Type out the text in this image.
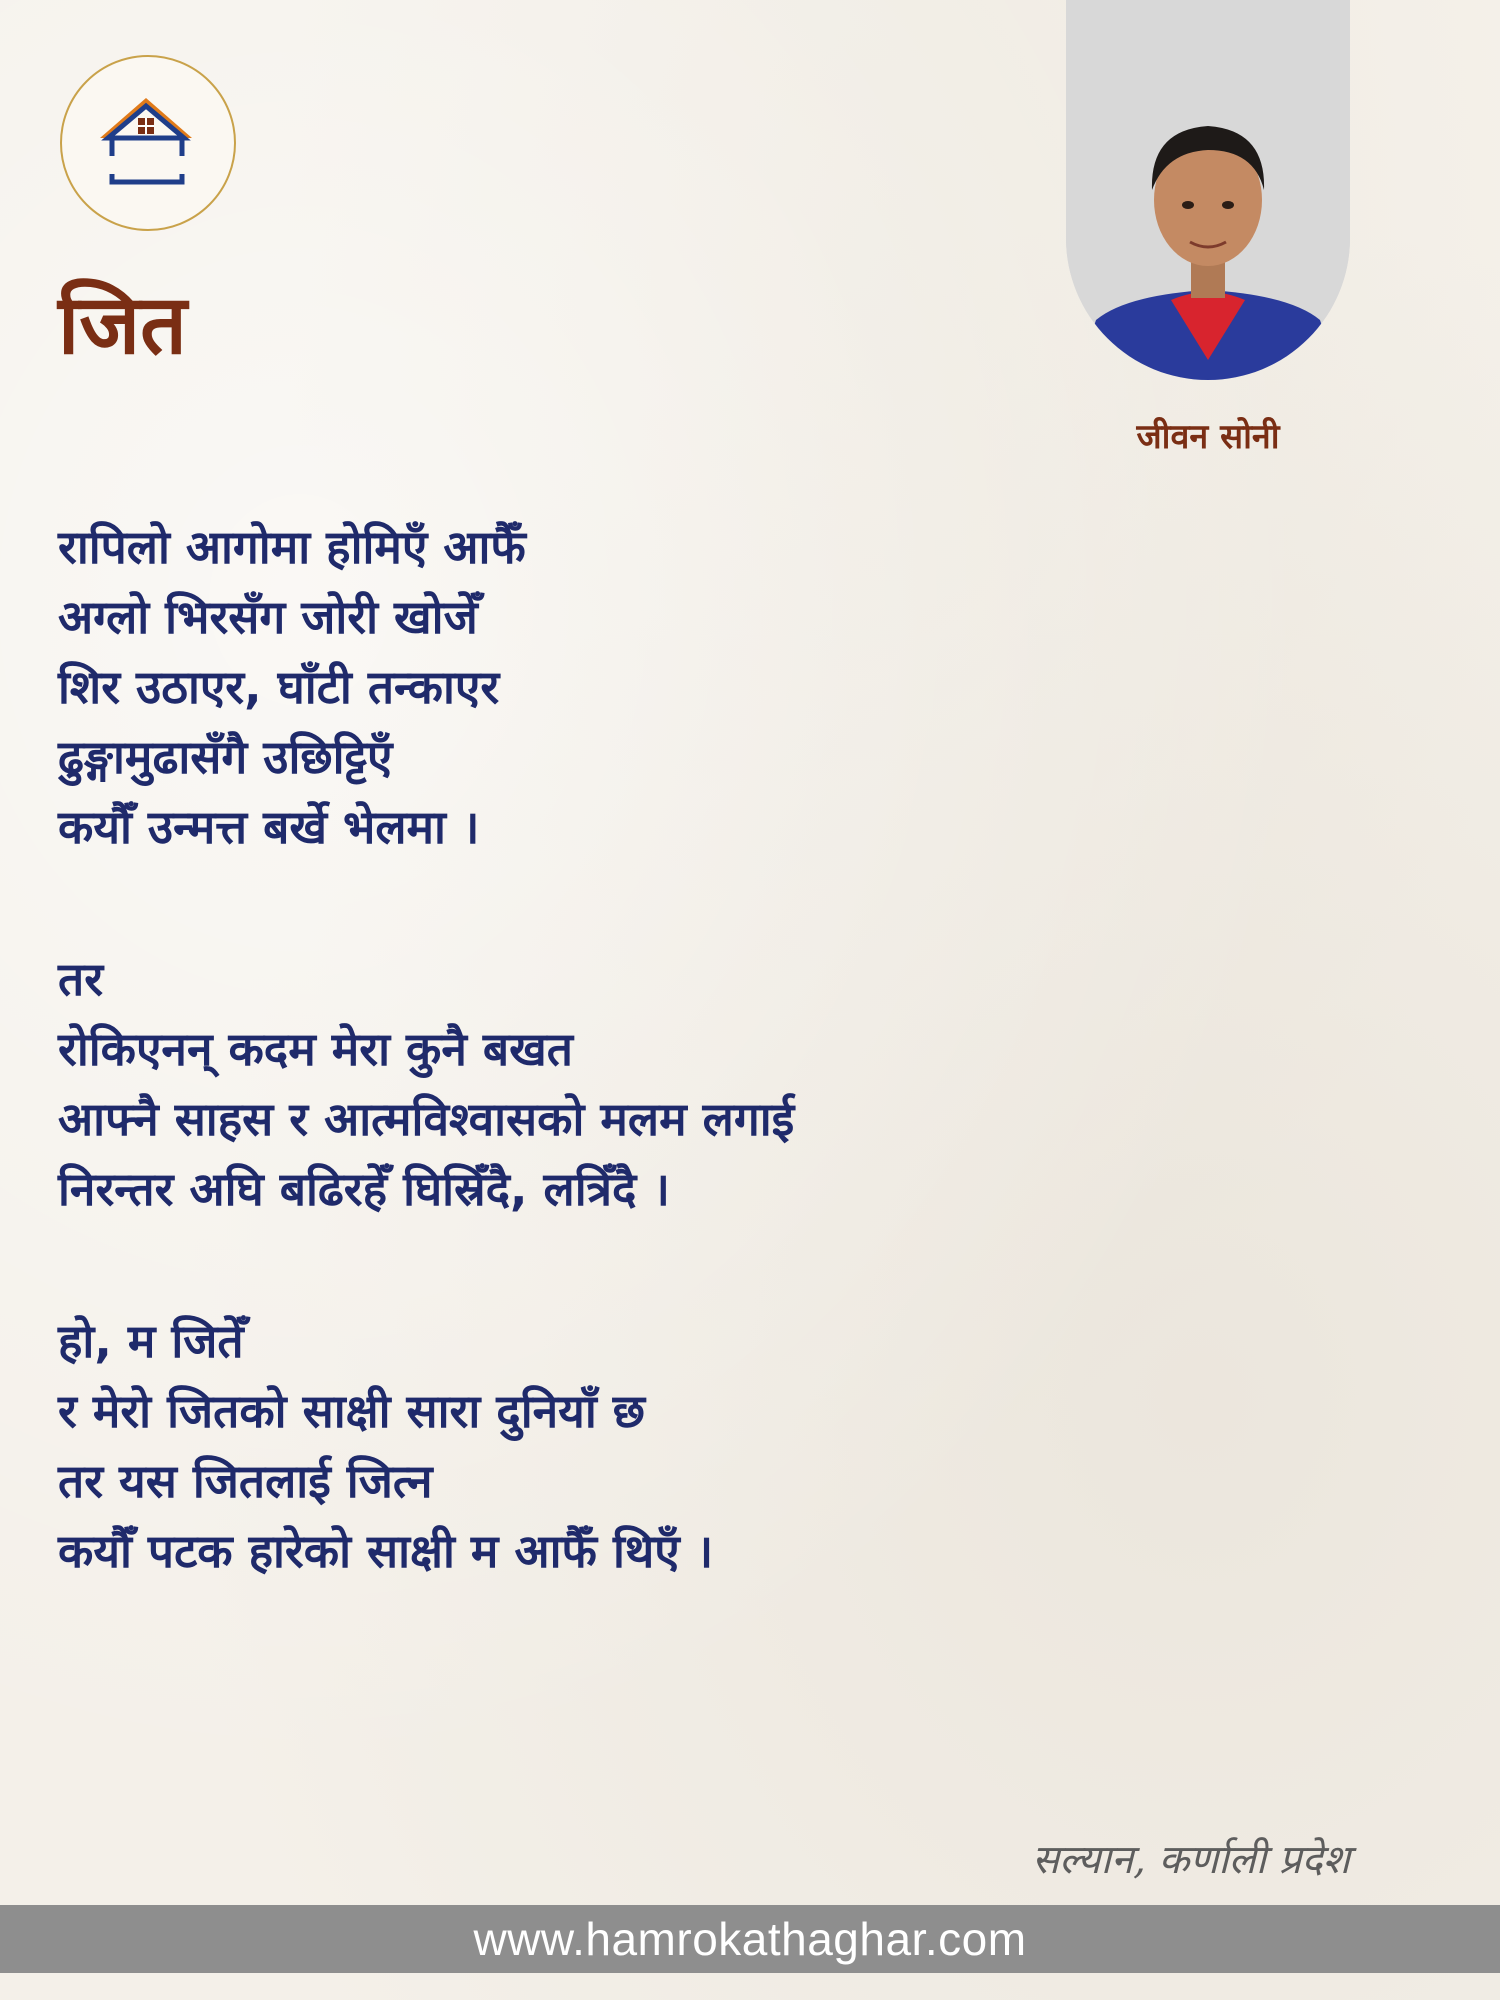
जित
जीवन सोनी
रापिलो आगोमा होमिएँ आफैँ
अग्लो भिरसँग जोरी खोजेँ
शिर उठाएर, घाँटी तन्काएर
ढुङ्गामुढासँगै उछिट्टिएँ
कयौँ उन्मत्त बर्खे भेलमा ।
तर
रोकिएनन् कदम मेरा कुनै बखत
आफ्नै साहस र आत्मविश्वासको मलम लगाई
निरन्तर अघि बढिरहेँ घिस्रिँदै, लत्रिँदै ।
हो, म जितेँ
र मेरो जितको साक्षी सारा दुनियाँ छ
तर यस जितलाई जित्न
कयौँ पटक हारेको साक्षी म आफैँ थिएँ ।
सल्यान, कर्णाली प्रदेश
www.hamrokathaghar.com
